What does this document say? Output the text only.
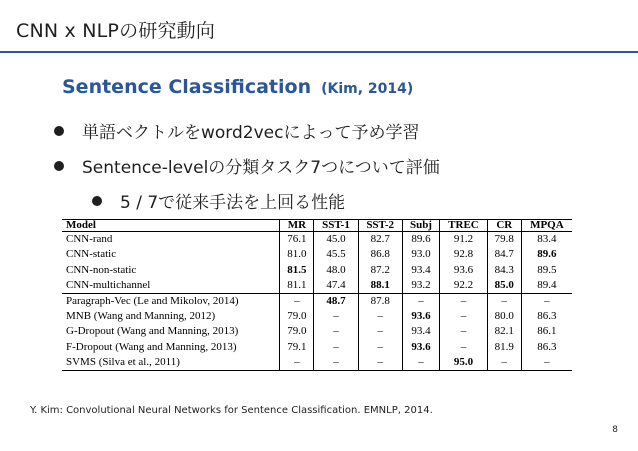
CNN x NLPの研究動向
Sentence Classification (Kim, 2014)
単語ベクトルをword2vecによって予め学習
Sentence-levelの分類タスク7つについて評価
5 / 7で従来手法を上回る性能
Model	MR	SST-1	SST-2	Subj	TREC	CR	MPQA
CNN-rand	76.1	45.0	82.7	89.6	91.2	79.8	83.4
CNN-static	81.0	45.5	86.8	93.0	92.8	84.7	89.6
CNN-non-static	81.5	48.0	87.2	93.4	93.6	84.3	89.5
CNN-multichannel	81.1	47.4	88.1	93.2	92.2	85.0	89.4
Paragraph-Vec (Le and Mikolov, 2014)	–	48.7	87.8	–	–	–	–
MNB (Wang and Manning, 2012)	79.0	–	–	93.6	–	80.0	86.3
G-Dropout (Wang and Manning, 2013)	79.0	–	–	93.4	–	82.1	86.1
F-Dropout (Wang and Manning, 2013)	79.1	–	–	93.6	–	81.9	86.3
SVMS (Silva et al., 2011)	–	–	–	–	95.0	–	–
Y. Kim: Convolutional Neural Networks for Sentence Classification. EMNLP, 2014.
8
